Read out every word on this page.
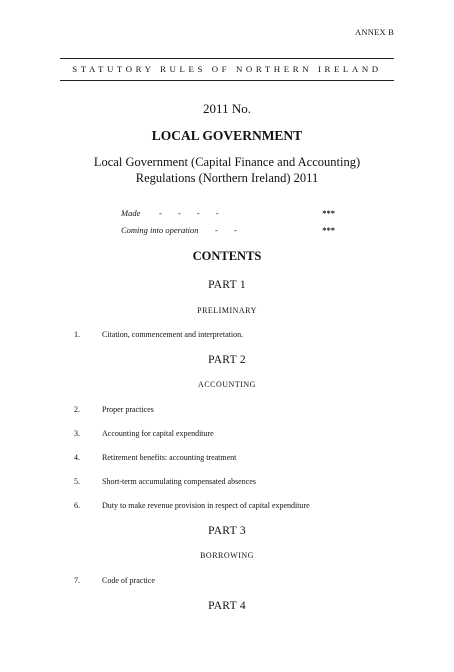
ANNEX B
STATUTORY RULES OF NORTHERN IRELAND
2011 No.
LOCAL GOVERNMENT
Local Government (Capital Finance and Accounting)
Regulations (Northern Ireland) 2011
Made - - - -	***
Coming into operation - -	***
CONTENTS
PART 1
PRELIMINARY
1.	Citation, commencement and interpretation.
PART 2
ACCOUNTING
2.	Proper practices
3.	Accounting for capital expenditure
4.	Retirement benefits: accounting treatment
5.	Short-term accumulating compensated absences
6.	Duty to make revenue provision in respect of capital expenditure
PART 3
BORROWING
7.	Code of practice
PART 4
